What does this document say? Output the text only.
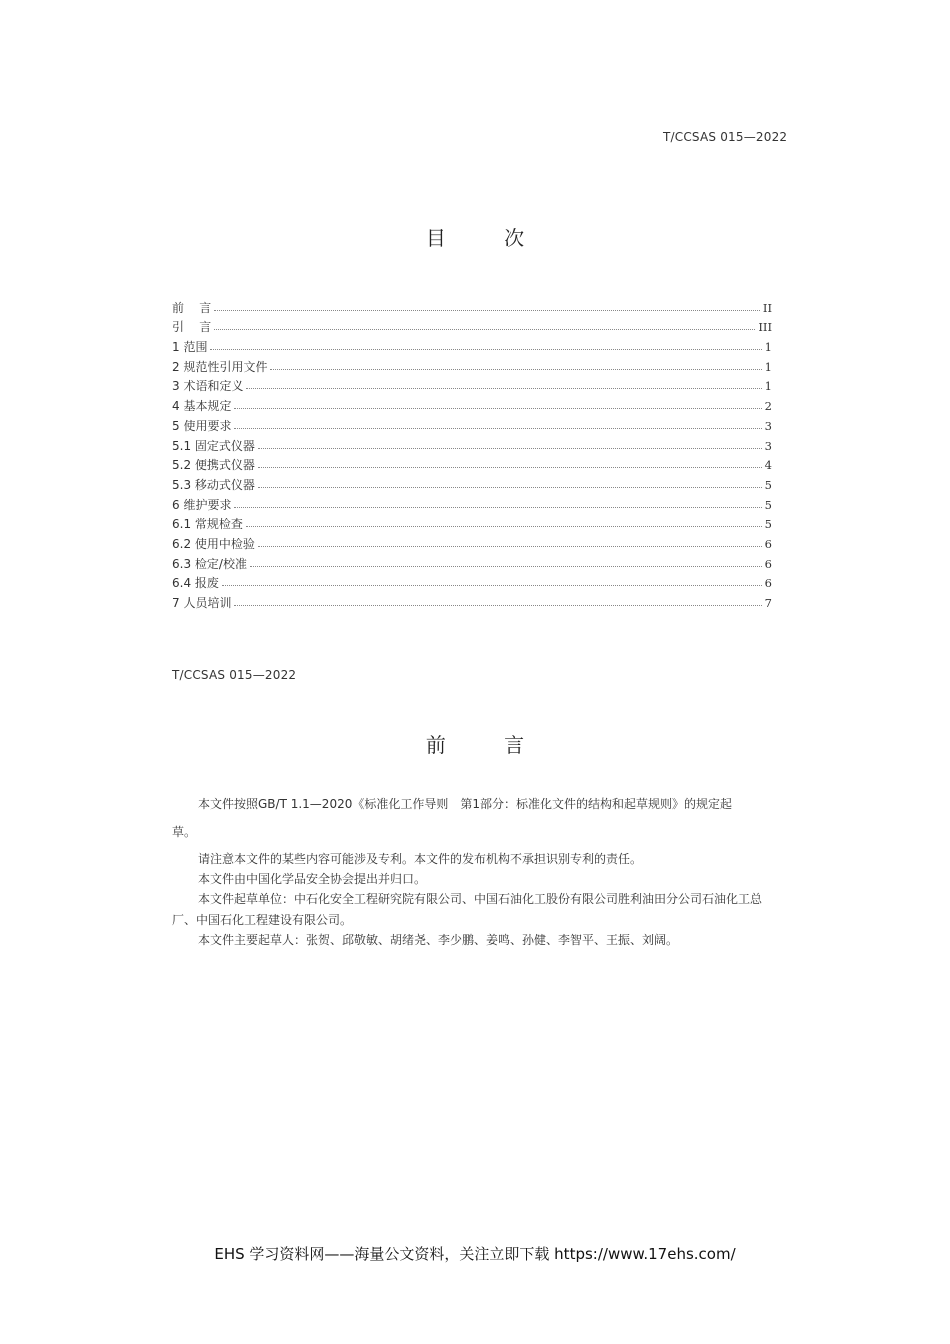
T/CCSAS 015—2022
目 次
前    言	II
引    言	III
1 范围	1
2 规范性引用文件	1
3 术语和定义	1
4 基本规定	2
5 使用要求	3
5.1 固定式仪器	3
5.2 便携式仪器	4
5.3 移动式仪器	5
6 维护要求	5
6.1 常规检查	5
6.2 使用中检验	6
6.3 检定/校准	6
6.4 报废	6
7 人员培训	7
T/CCSAS 015—2022
前 言
本文件按照GB/T 1.1—2020《标准化工作导则　第1部分：标准化文件的结构和起草规则》的规定起
草。
请注意本文件的某些内容可能涉及专利。本文件的发布机构不承担识别专利的责任。
本文件由中国化学品安全协会提出并归口。
本文件起草单位：中石化安全工程研究院有限公司、中国石油化工股份有限公司胜利油田分公司石油化工总厂、中国石化工程建设有限公司。
本文件主要起草人：张贺、邱敬敏、胡绪尧、李少鹏、姜鸣、孙健、李智平、王振、刘阔。
EHS 学习资料网——海量公文资料，关注立即下载 https://www.17ehs.com/
